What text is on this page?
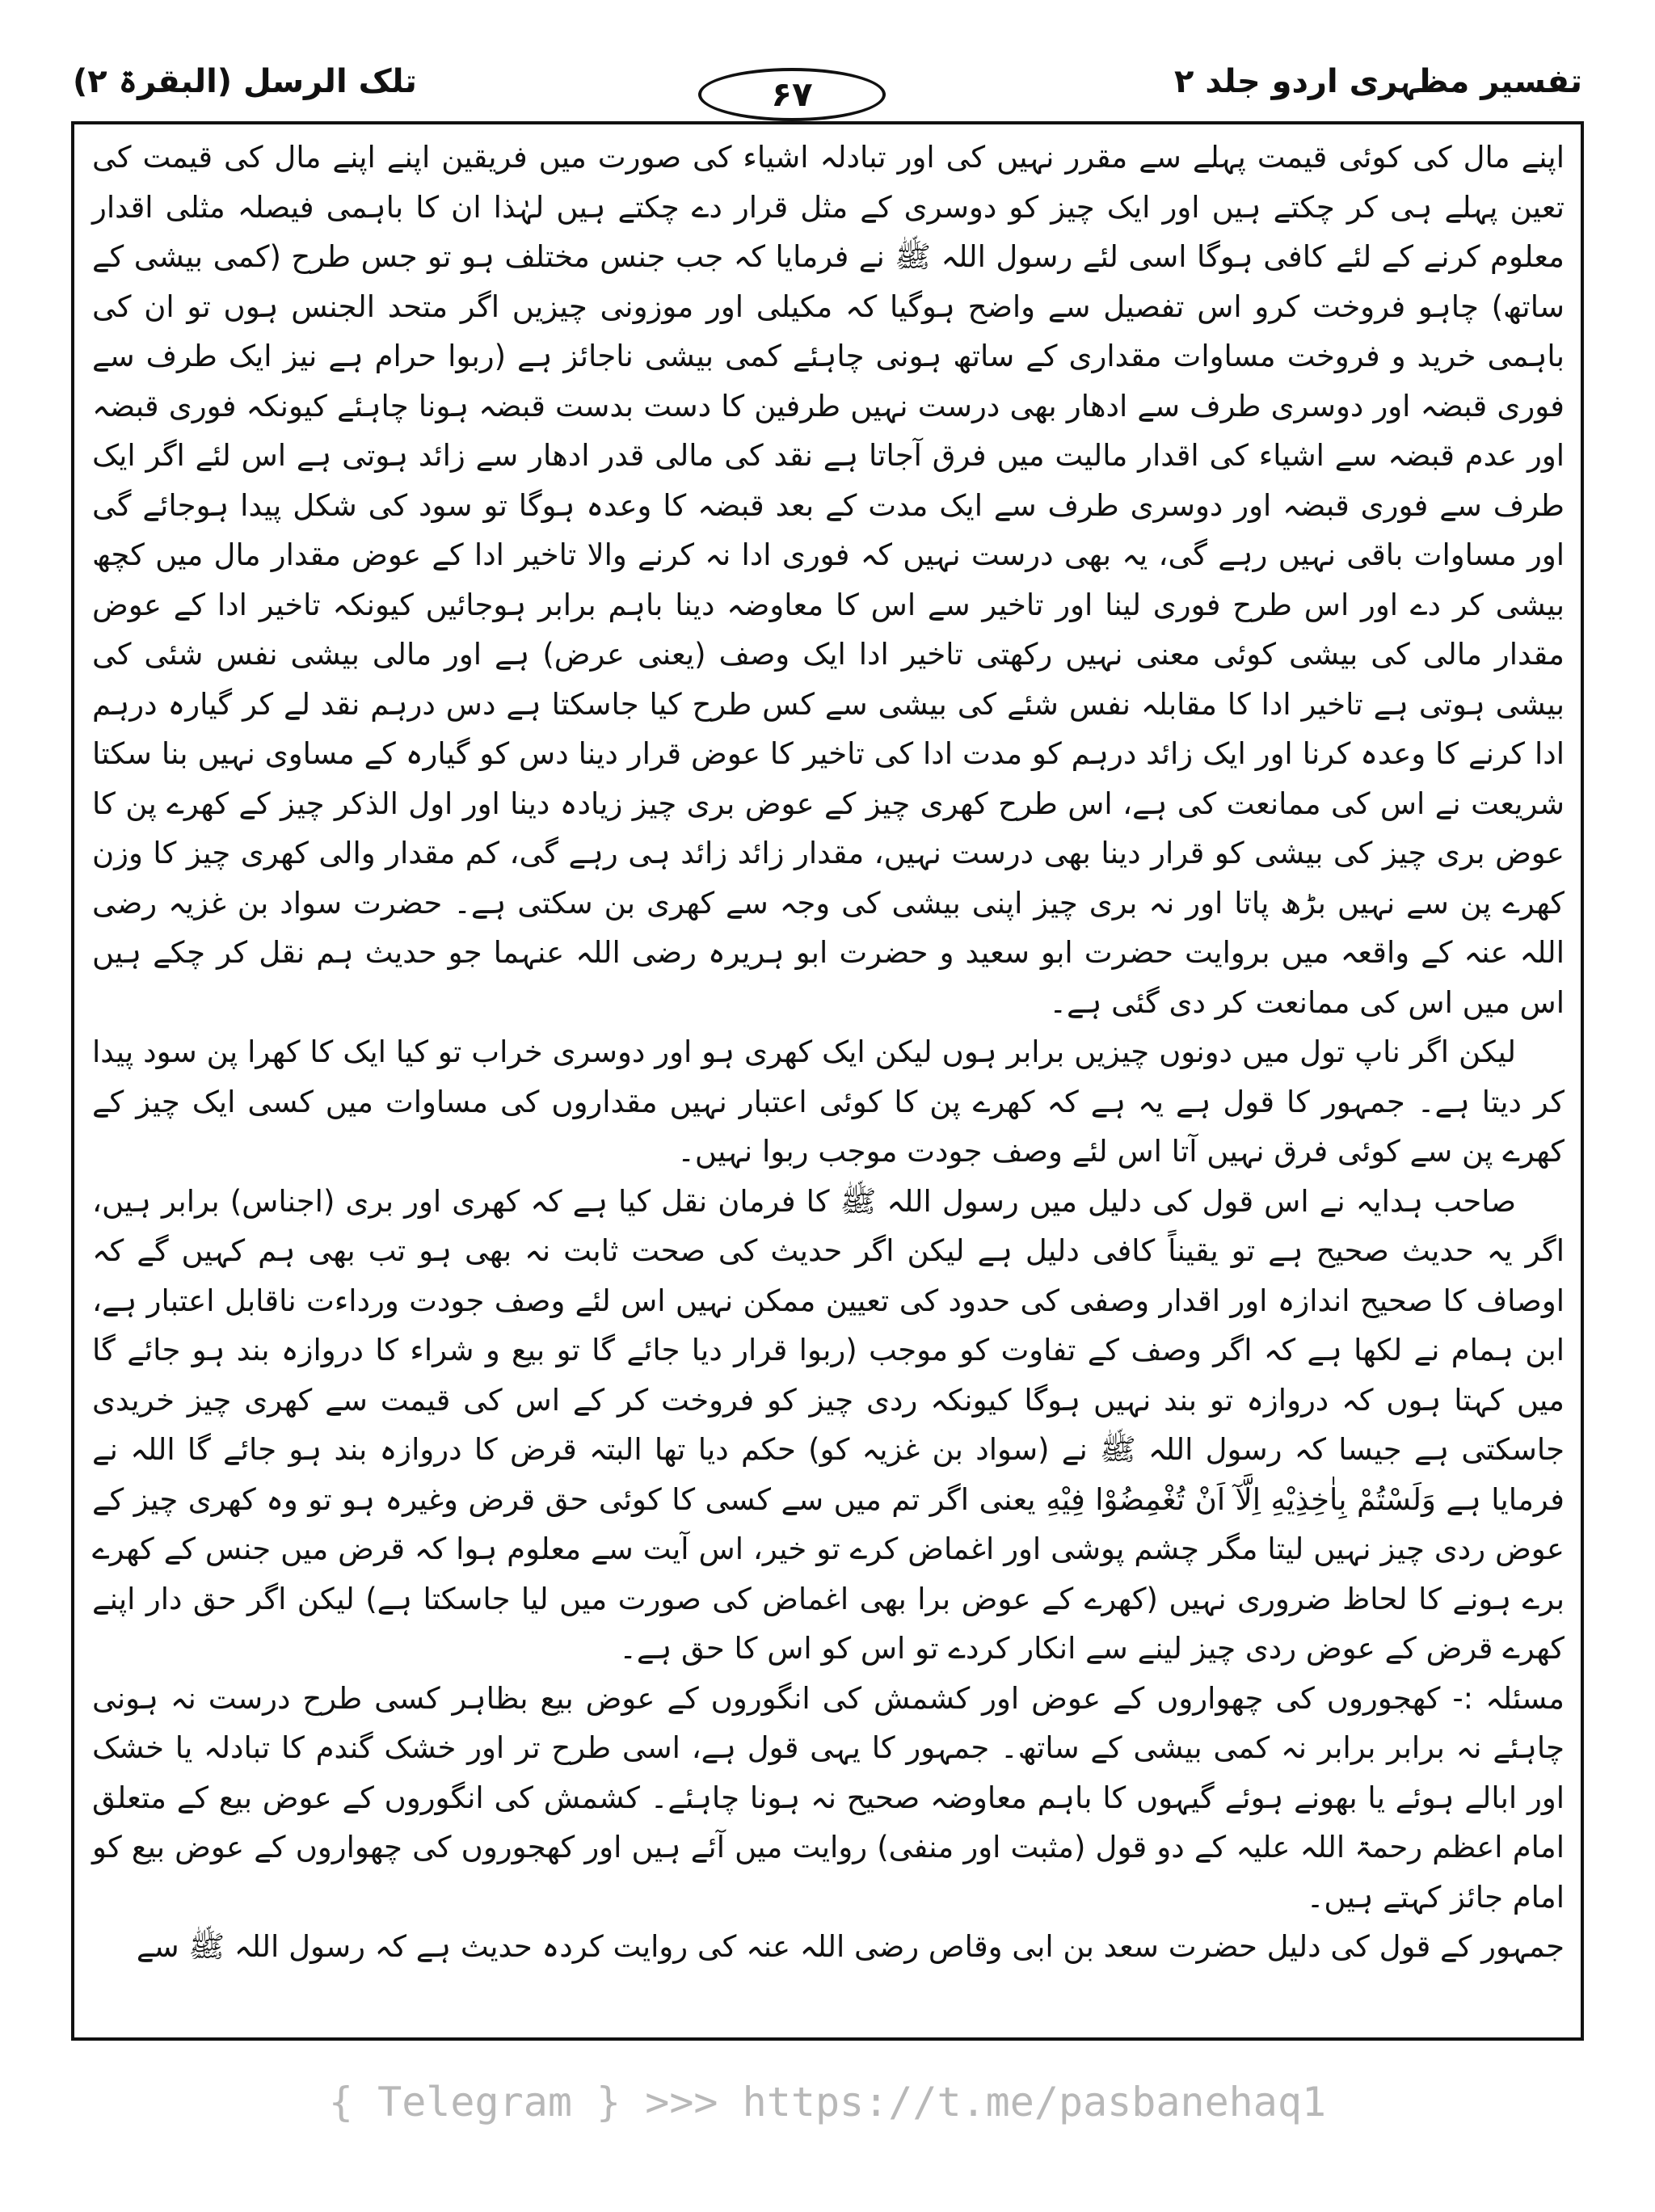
تفسیر مظہری اردو جلد ۲
۶۷
تلک الرسل (البقرۃ ۲)

اپنے مال کی کوئی قیمت پہلے سے مقرر نہیں کی اور تبادلہ اشیاء کی صورت میں فریقین اپنے اپنے مال کی قیمت کی تعین پہلے ہی کر چکتے ہیں اور ایک چیز کو دوسری کے مثل قرار دے چکتے ہیں لہٰذا ان کا باہمی فیصلہ مثلی اقدار معلوم کرنے کے لئے کافی ہوگا اسی لئے رسول اللہ ﷺ نے فرمایا کہ جب جنس مختلف ہو تو جس طرح (کمی بیشی کے ساتھ) چاہو فروخت کرو اس تفصیل سے واضح ہوگیا کہ مکیلی اور موزونی چیزیں اگر متحد الجنس ہوں تو ان کی باہمی خرید و فروخت مساوات مقداری کے ساتھ ہونی چاہئے کمی بیشی ناجائز ہے (ربوا حرام ہے نیز ایک طرف سے فوری قبضہ اور دوسری طرف سے ادھار بھی درست نہیں طرفین کا دست بدست قبضہ ہونا چاہئے کیونکہ فوری قبضہ اور عدم قبضہ سے اشیاء کی اقدار مالیت میں فرق آجاتا ہے نقد کی مالی قدر ادھار سے زائد ہوتی ہے اس لئے اگر ایک طرف سے فوری قبضہ اور دوسری طرف سے ایک مدت کے بعد قبضہ کا وعدہ ہوگا تو سود کی شکل پیدا ہوجائے گی اور مساوات باقی نہیں رہے گی، یہ بھی درست نہیں کہ فوری ادا نہ کرنے والا تاخیر ادا کے عوض مقدار مال میں کچھ بیشی کر دے اور اس طرح فوری لینا اور تاخیر سے اس کا معاوضہ دینا باہم برابر ہوجائیں کیونکہ تاخیر ادا کے عوض مقدار مالی کی بیشی کوئی معنی نہیں رکھتی تاخیر ادا ایک وصف (یعنی عرض) ہے اور مالی بیشی نفس شئی کی بیشی ہوتی ہے تاخیر ادا کا مقابلہ نفس شئے کی بیشی سے کس طرح کیا جاسکتا ہے دس درہم نقد لے کر گیارہ درہم ادا کرنے کا وعدہ کرنا اور ایک زائد درہم کو مدت ادا کی تاخیر کا عوض قرار دینا دس کو گیارہ کے مساوی نہیں بنا سکتا شریعت نے اس کی ممانعت کی ہے، اس طرح کھری چیز کے عوض بری چیز زیادہ دینا اور اول الذکر چیز کے کھرے پن کا عوض بری چیز کی بیشی کو قرار دینا بھی درست نہیں، مقدار زائد زائد ہی رہے گی، کم مقدار والی کھری چیز کا وزن کھرے پن سے نہیں بڑھ پاتا اور نہ بری چیز اپنی بیشی کی وجہ سے کھری بن سکتی ہے۔ حضرت سواد بن غزیہ رضی اللہ عنہ کے واقعہ میں بروایت حضرت ابو سعید و حضرت ابو ہریرہ رضی اللہ عنہما جو حدیث ہم نقل کر چکے ہیں اس میں اس کی ممانعت کر دی گئی ہے۔

لیکن اگر ناپ تول میں دونوں چیزیں برابر ہوں لیکن ایک کھری ہو اور دوسری خراب تو کیا ایک کا کھرا پن سود پیدا کر دیتا ہے۔ جمہور کا قول ہے یہ ہے کہ کھرے پن کا کوئی اعتبار نہیں مقداروں کی مساوات میں کسی ایک چیز کے کھرے پن سے کوئی فرق نہیں آتا اس لئے وصف جودت موجب ربوا نہیں۔

صاحب ہدایہ نے اس قول کی دلیل میں رسول اللہ ﷺ کا فرمان نقل کیا ہے کہ کھری اور بری (اجناس) برابر ہیں، اگر یہ حدیث صحیح ہے تو یقیناً کافی دلیل ہے لیکن اگر حدیث کی صحت ثابت نہ بھی ہو تب بھی ہم کہیں گے کہ اوصاف کا صحیح اندازہ اور اقدار وصفی کی حدود کی تعیین ممکن نہیں اس لئے وصف جودت ورداءت ناقابل اعتبار ہے، ابن ہمام نے لکھا ہے کہ اگر وصف کے تفاوت کو موجب (ربوا قرار دیا جائے گا تو بیع و شراء کا دروازہ بند ہو جائے گا میں کہتا ہوں کہ دروازہ تو بند نہیں ہوگا کیونکہ ردی چیز کو فروخت کر کے اس کی قیمت سے کھری چیز خریدی جاسکتی ہے جیسا کہ رسول اللہ ﷺ نے (سواد بن غزیہ کو) حکم دیا تھا البتہ قرض کا دروازہ بند ہو جائے گا اللہ نے فرمایا ہے وَلَسْتُمْ بِاٰخِذِیْهِ اِلَّآ اَنْ تُغْمِضُوْا فِیْهِ یعنی اگر تم میں سے کسی کا کوئی حق قرض وغیرہ ہو تو وہ کھری چیز کے عوض ردی چیز نہیں لیتا مگر چشم پوشی اور اغماض کرے تو خیر، اس آیت سے معلوم ہوا کہ قرض میں جنس کے کھرے برے ہونے کا لحاظ ضروری نہیں (کھرے کے عوض برا بھی اغماض کی صورت میں لیا جاسکتا ہے) لیکن اگر حق دار اپنے کھرے قرض کے عوض ردی چیز لینے سے انکار کردے تو اس کو اس کا حق ہے۔

مسئلہ :- کھجوروں کی چھواروں کے عوض اور کشمش کی انگوروں کے عوض بیع بظاہر کسی طرح درست نہ ہونی چاہئے نہ برابر برابر نہ کمی بیشی کے ساتھ۔ جمہور کا یہی قول ہے، اسی طرح تر اور خشک گندم کا تبادلہ یا خشک اور ابالے ہوئے یا بھونے ہوئے گیہوں کا باہم معاوضہ صحیح نہ ہونا چاہئے۔ کشمش کی انگوروں کے عوض بیع کے متعلق امام اعظم رحمۃ اللہ علیہ کے دو قول (مثبت اور منفی) روایت میں آئے ہیں اور کھجوروں کی چھواروں کے عوض بیع کو امام جائز کہتے ہیں۔

جمہور کے قول کی دلیل حضرت سعد بن ابی وقاص رضی اللہ عنہ کی روایت کردہ حدیث ہے کہ رسول اللہ ﷺ سے

{ Telegram } >>> https://t.me/pasbanehaq1
